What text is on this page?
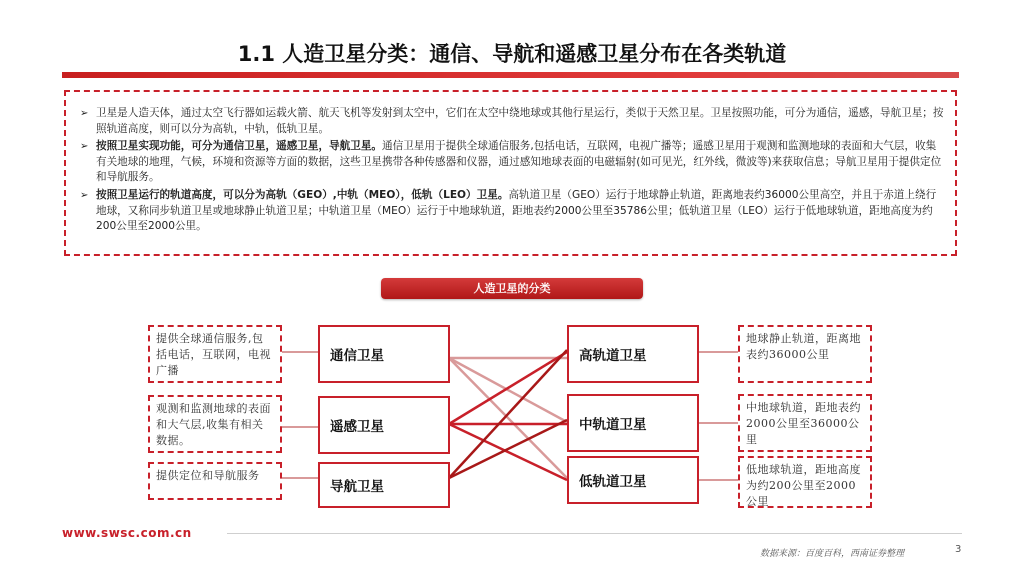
1.1 人造卫星分类：通信、导航和遥感卫星分布在各类轨道
➢ 卫星是人造天体，通过太空飞行器如运载火箭、航天飞机等发射到太空中，它们在太空中绕地球或其他行星运行，类似于天然卫星。卫星按照功能，可分为通信，遥感，导航卫星；按照轨道高度，则可以分为高轨，中轨，低轨卫星。
➢ 按照卫星实现功能，可分为通信卫星，遥感卫星，导航卫星。通信卫星用于提供全球通信服务,包括电话，互联网，电视广播等；遥感卫星用于观测和监测地球的表面和大气层，收集有关地球的地理，气候，环境和资源等方面的数据，这些卫星携带各种传感器和仪器，通过感知地球表面的电磁辐射(如可见光，红外线，微波等)来获取信息；导航卫星用于提供定位和导航服务。
➢ 按照卫星运行的轨道高度，可以分为高轨（GEO）,中轨（MEO），低轨（LEO）卫星。高轨道卫星（GEO）运行于地球静止轨道，距离地表约36000公里高空，并且于赤道上绕行地球，又称同步轨道卫星或地球静止轨道卫星；中轨道卫星（MEO）运行于中地球轨道，距地表约2000公里至35786公里；低轨道卫星（LEO）运行于低地球轨道，距地高度为约200公里至2000公里。
人造卫星的分类
提供全球通信服务,包括电话，互联网，电视广播
观测和监测地球的表面和大气层,收集有相关数据。
提供定位和导航服务
通信卫星
遥感卫星
导航卫星
高轨道卫星
中轨道卫星
低轨道卫星
地球静止轨道，距离地表约36000公里
中地球轨道，距地表约2000公里至36000公里
低地球轨道，距地高度为约200公里至2000公里
www.swsc.com.cn
数据来源：百度百科，西南证券整理	3
